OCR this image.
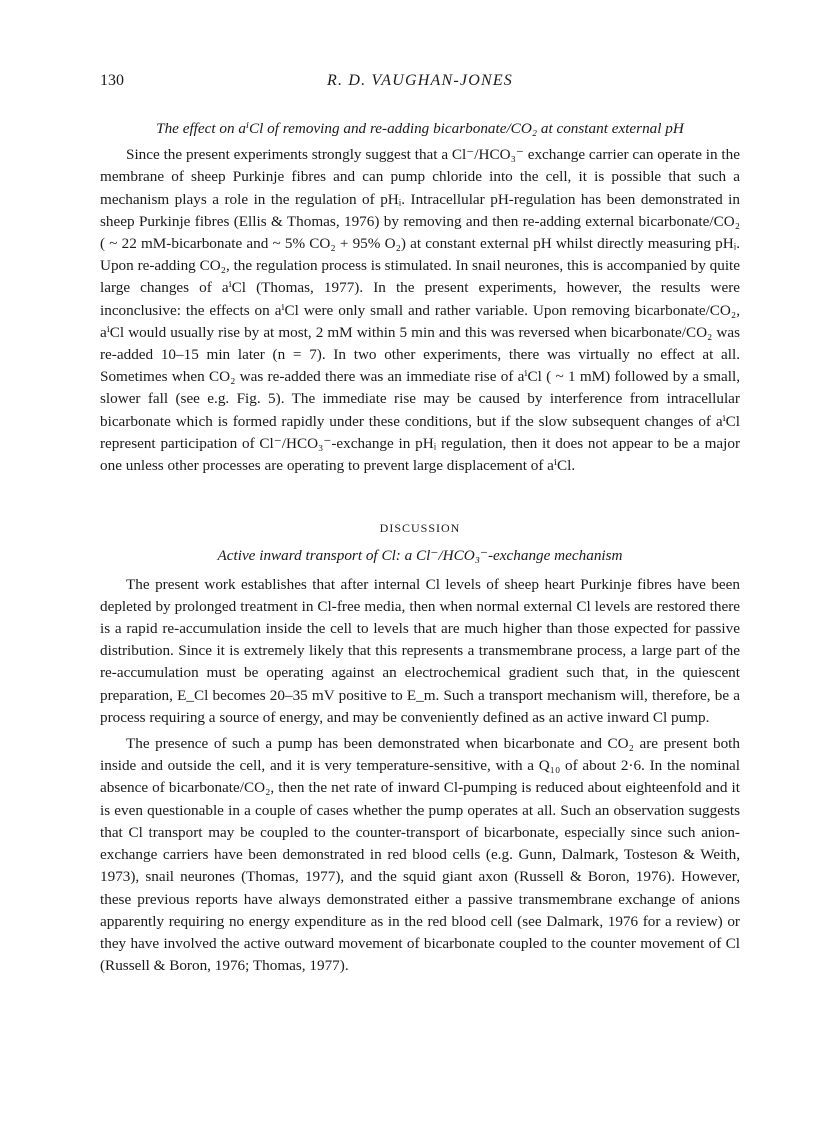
130	R. D. VAUGHAN-JONES
The effect on aⁱCl of removing and re-adding bicarbonate/CO₂ at constant external pH

Since the present experiments strongly suggest that a Cl⁻/HCO₃⁻ exchange carrier can operate in the membrane of sheep Purkinje fibres and can pump chloride into the cell, it is possible that such a mechanism plays a role in the regulation of pHᵢ. Intracellular pH-regulation has been demonstrated in sheep Purkinje fibres (Ellis & Thomas, 1976) by removing and then re-adding external bicarbonate/CO₂ ( ~ 22 mM-bicarbonate and ~ 5% CO₂ + 95% O₂) at constant external pH whilst directly measuring pHᵢ. Upon re-adding CO₂, the regulation process is stimulated. In snail neurones, this is accompanied by quite large changes of aⁱCl (Thomas, 1977). In the present experiments, however, the results were inconclusive: the effects on aⁱCl were only small and rather variable. Upon removing bicarbonate/CO₂, aⁱCl would usually rise by at most, 2 mM within 5 min and this was reversed when bicarbonate/CO₂ was re-added 10–15 min later (n = 7). In two other experiments, there was virtually no effect at all. Sometimes when CO₂ was re-added there was an immediate rise of aⁱCl ( ~ 1 mM) followed by a small, slower fall (see e.g. Fig. 5). The immediate rise may be caused by interference from intracellular bicarbonate which is formed rapidly under these conditions, but if the slow subsequent changes of aⁱCl represent participation of Cl⁻/HCO₃⁻-exchange in pHᵢ regulation, then it does not appear to be a major one unless other processes are operating to prevent large displacement of aⁱCl.

DISCUSSION
Active inward transport of Cl: a Cl⁻/HCO₃⁻-exchange mechanism

The present work establishes that after internal Cl levels of sheep heart Purkinje fibres have been depleted by prolonged treatment in Cl-free media, then when normal external Cl levels are restored there is a rapid re-accumulation inside the cell to levels that are much higher than those expected for passive distribution. Since it is extremely likely that this represents a transmembrane process, a large part of the re-accumulation must be operating against an electrochemical gradient such that, in the quiescent preparation, E_Cl becomes 20–35 mV positive to E_m. Such a transport mechanism will, therefore, be a process requiring a source of energy, and may be conveniently defined as an active inward Cl pump.

The presence of such a pump has been demonstrated when bicarbonate and CO₂ are present both inside and outside the cell, and it is very temperature-sensitive, with a Q₁₀ of about 2·6. In the nominal absence of bicarbonate/CO₂, then the net rate of inward Cl-pumping is reduced about eighteenfold and it is even questionable in a couple of cases whether the pump operates at all. Such an observation suggests that Cl transport may be coupled to the counter-transport of bicarbonate, especially since such anion-exchange carriers have been demonstrated in red blood cells (e.g. Gunn, Dalmark, Tosteson & Weith, 1973), snail neurones (Thomas, 1977), and the squid giant axon (Russell & Boron, 1976). However, these previous reports have always demonstrated either a passive transmembrane exchange of anions apparently requiring no energy expenditure as in the red blood cell (see Dalmark, 1976 for a review) or they have involved the active outward movement of bicarbonate coupled to the counter movement of Cl (Russell & Boron, 1976; Thomas, 1977).
